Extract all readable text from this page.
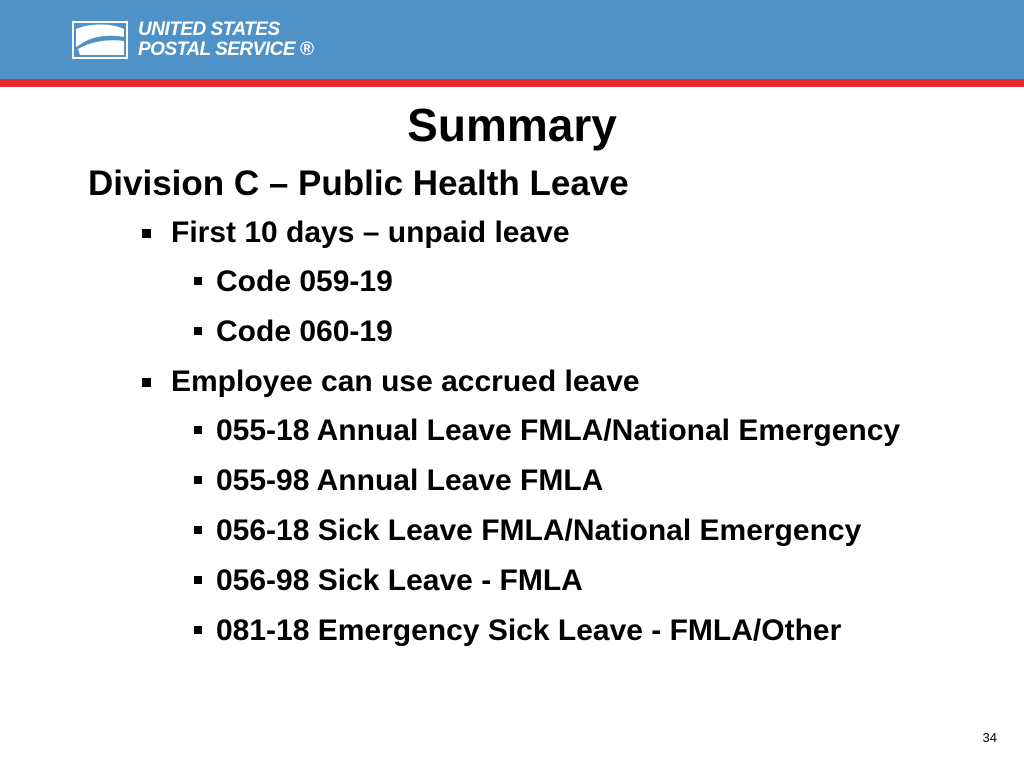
UNITED STATES
POSTAL SERVICE ®
Summary
Division C – Public Health Leave
First 10 days – unpaid leave
Code 059-19
Code 060-19
Employee can use accrued leave
055-18 Annual Leave FMLA/National Emergency
055-98 Annual Leave FMLA
056-18 Sick Leave FMLA/National Emergency
056-98 Sick Leave - FMLA
081-18 Emergency Sick Leave - FMLA/Other
34
